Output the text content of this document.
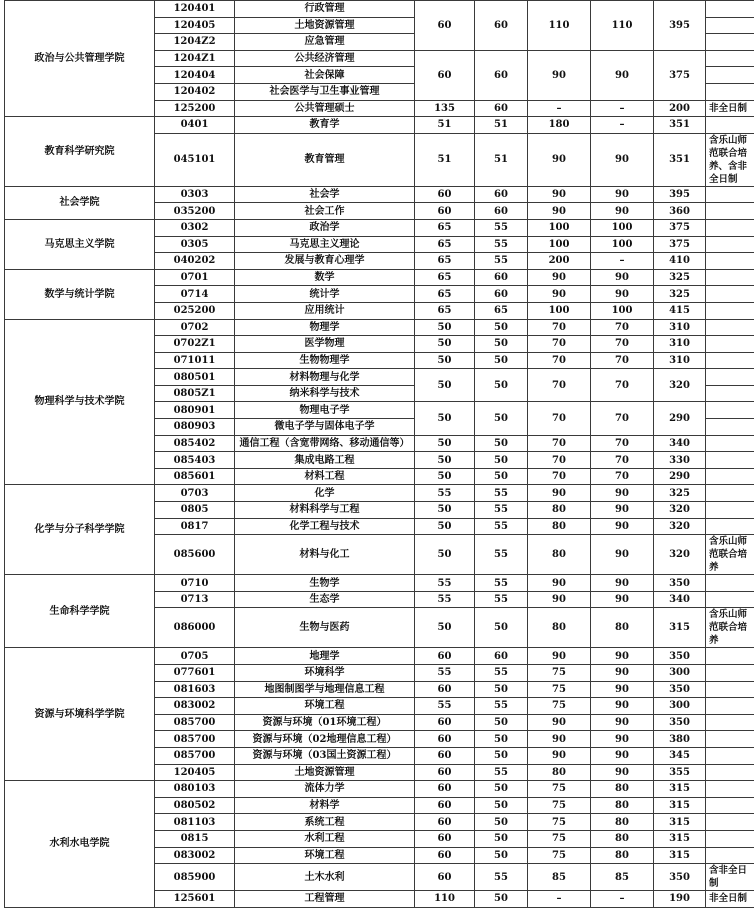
政治与公共管理学院	120401	行政管理	60	60	110	110	395	
	120405	土地资源管理						
	1204Z2	应急管理						
	1204Z1	公共经济管理	60	60	90	90	375	
	120404	社会保障						
	120402	社会医学与卫生事业管理						
	125200	公共管理硕士	135	60	–	–	200	非全日制
教育科学研究院	0401	教育学	51	51	180	–	351	
	045101	教育管理	51	51	90	90	351	含乐山师范联合培养、含非全日制
社会学院	0303	社会学	60	60	90	90	395	
	035200	社会工作	60	60	90	90	360	
马克思主义学院	0302	政治学	65	55	100	100	375	
	0305	马克思主义理论	65	55	100	100	375	
	040202	发展与教育心理学	65	55	200	–	410	
数学与统计学院	0701	数学	65	60	90	90	325	
	0714	统计学	65	60	90	90	325	
	025200	应用统计	65	65	100	100	415	
物理科学与技术学院	0702	物理学	50	50	70	70	310	
	0702Z1	医学物理	50	50	70	70	310	
	071011	生物物理学	50	50	70	70	310	
	080501	材料物理与化学	50	50	70	70	320	
	0805Z1	纳米科学与技术						
	080901	物理电子学	50	50	70	70	290	
	080903	微电子学与固体电子学						
	085402	通信工程（含宽带网络、移动通信等）	50	50	70	70	340	
	085403	集成电路工程	50	50	70	70	330	
	085601	材料工程	50	50	70	70	290	
化学与分子科学学院	0703	化学	55	55	90	90	325	
	0805	材料科学与工程	50	55	80	90	320	
	0817	化学工程与技术	50	55	80	90	320	
	085600	材料与化工	50	55	80	90	320	含乐山师范联合培养
生命科学学院	0710	生物学	55	55	90	90	350	
	0713	生态学	55	55	90	90	340	
	086000	生物与医药	50	50	80	80	315	含乐山师范联合培养
资源与环境科学学院	0705	地理学	60	60	90	90	350	
	077601	环境科学	55	55	75	90	300	
	081603	地图制图学与地理信息工程	60	50	75	90	350	
	083002	环境工程	55	55	75	90	300	
	085700	资源与环境（01环境工程）	60	50	90	90	350	
	085700	资源与环境（02地理信息工程）	60	50	90	90	380	
	085700	资源与环境（03国土资源工程）	60	50	90	90	345	
	120405	土地资源管理	60	55	80	90	355	
水利水电学院	080103	流体力学	60	50	75	80	315	
	080502	材料学	60	50	75	80	315	
	081103	系统工程	60	50	75	80	315	
	0815	水利工程	60	50	75	80	315	
	083002	环境工程	60	50	75	80	315	
	085900	土木水利	60	55	85	85	350	含非全日制
	125601	工程管理	110	50	–	–	190	非全日制
